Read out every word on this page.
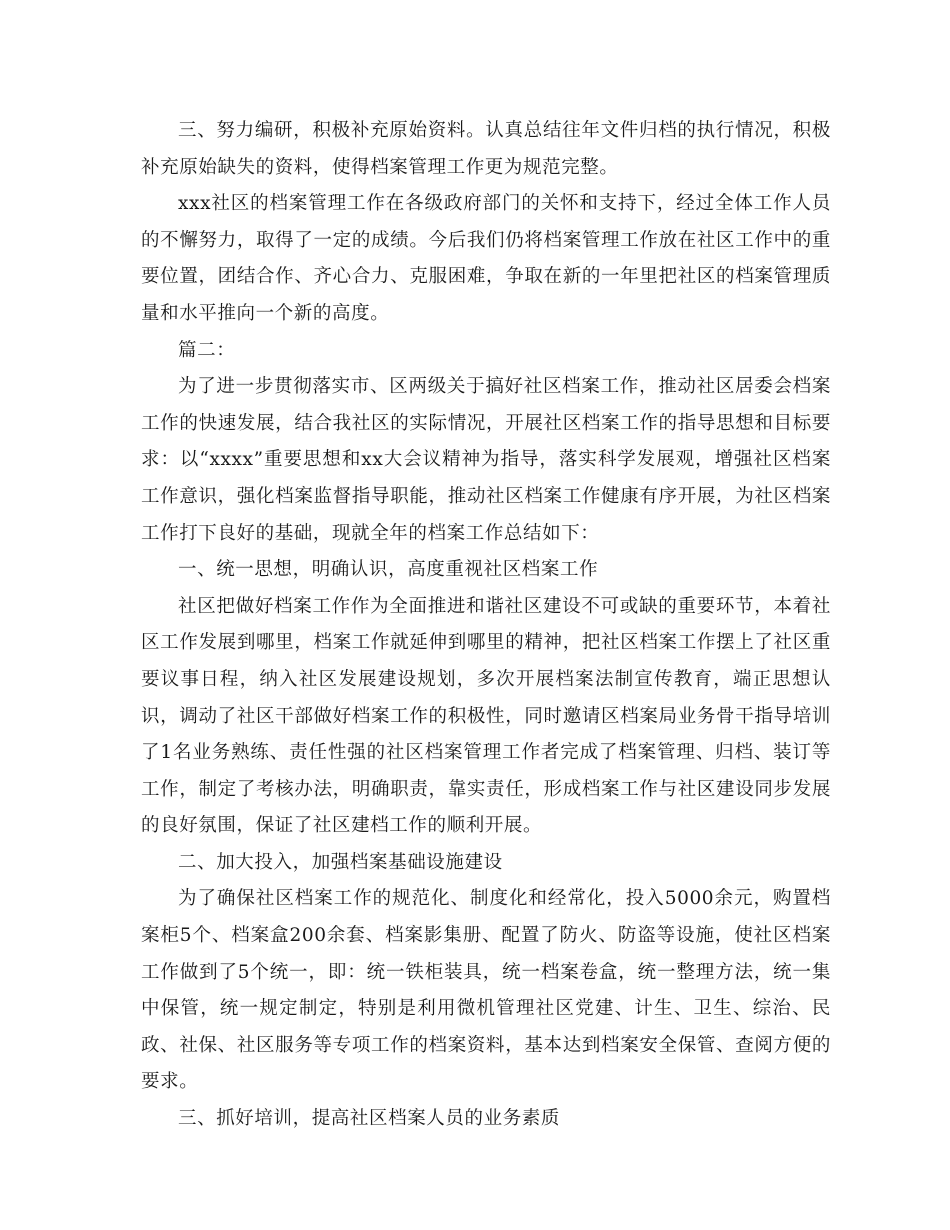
三、努力编研，积极补充原始资料。认真总结往年文件归档的执行情况，积极补充原始缺失的资料，使得档案管理工作更为规范完整。

xxx社区的档案管理工作在各级政府部门的关怀和支持下，经过全体工作人员的不懈努力，取得了一定的成绩。今后我们仍将档案管理工作放在社区工作中的重要位置，团结合作、齐心合力、克服困难，争取在新的一年里把社区的档案管理质量和水平推向一个新的高度。

篇二：

为了进一步贯彻落实市、区两级关于搞好社区档案工作，推动社区居委会档案工作的快速发展，结合我社区的实际情况，开展社区档案工作的指导思想和目标要求：以“xxxx”重要思想和xx大会议精神为指导，落实科学发展观，增强社区档案工作意识，强化档案监督指导职能，推动社区档案工作健康有序开展，为社区档案工作打下良好的基础，现就全年的档案工作总结如下：

一、统一思想，明确认识，高度重视社区档案工作

社区把做好档案工作作为全面推进和谐社区建设不可或缺的重要环节，本着社区工作发展到哪里，档案工作就延伸到哪里的精神，把社区档案工作摆上了社区重要议事日程，纳入社区发展建设规划，多次开展档案法制宣传教育，端正思想认识，调动了社区干部做好档案工作的积极性，同时邀请区档案局业务骨干指导培训了1名业务熟练、责任性强的社区档案管理工作者完成了档案管理、归档、装订等工作，制定了考核办法，明确职责，靠实责任，形成档案工作与社区建设同步发展的良好氛围，保证了社区建档工作的顺利开展。

二、加大投入，加强档案基础设施建设

为了确保社区档案工作的规范化、制度化和经常化，投入5000余元，购置档案柜5个、档案盒200余套、档案影集册、配置了防火、防盗等设施，使社区档案工作做到了5个统一，即：统一铁柜装具，统一档案卷盒，统一整理方法，统一集中保管，统一规定制定，特别是利用微机管理社区党建、计生、卫生、综治、民政、社保、社区服务等专项工作的档案资料，基本达到档案安全保管、查阅方便的要求。

三、抓好培训，提高社区档案人员的业务素质
